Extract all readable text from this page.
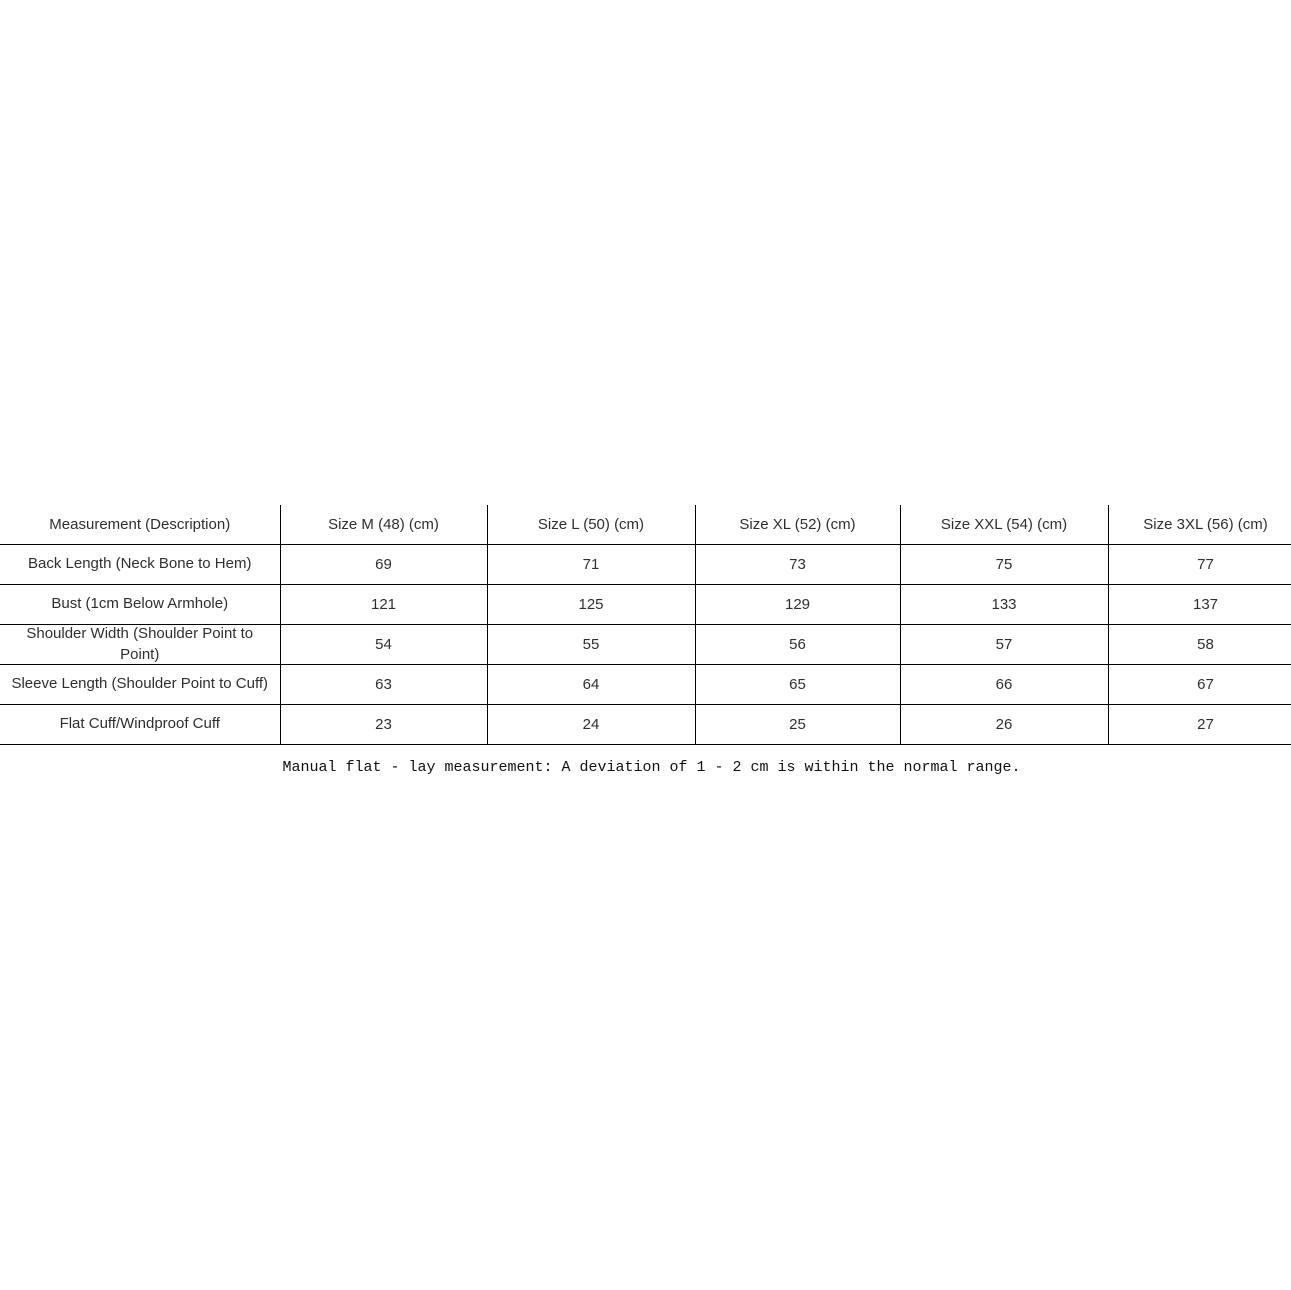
Measurement (Description)	Size M (48) (cm)	Size L (50) (cm)	Size XL (52) (cm)	Size XXL (54) (cm)	Size 3XL (56) (cm)

Back Length (Neck Bone to Hem)	69	71	73	75	77

Bust (1cm Below Armhole)	121	125	129	133	137

Shoulder Width (Shoulder Point to Point)	54	55	56	57	58

Sleeve Length (Shoulder Point to Cuff)	63	64	65	66	67

Flat Cuff/Windproof Cuff	23	24	25	26	27
Manual flat - lay measurement: A deviation of 1 - 2 cm is within the normal range.
